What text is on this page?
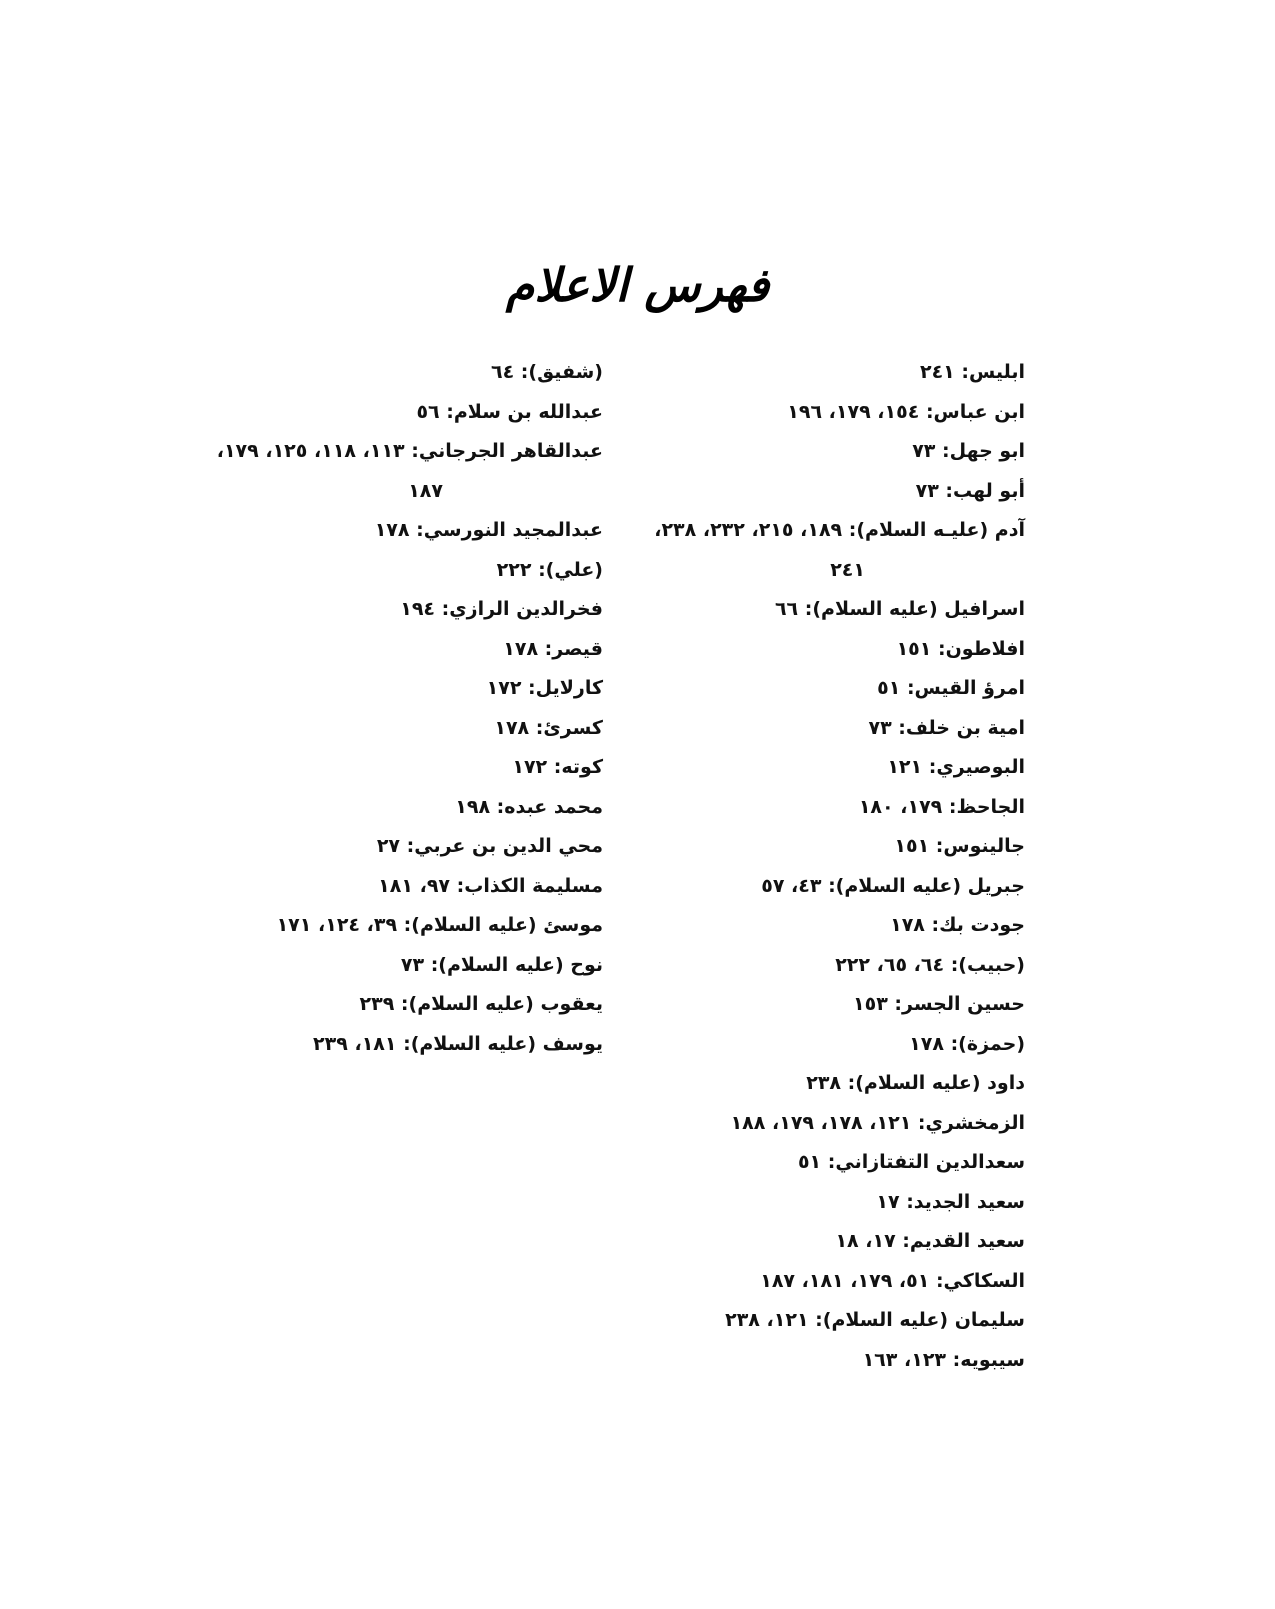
فهرس الاعلام
ابليس: ٢٤١
ابن عباس: ١٥٤، ١٧٩، ١٩٦
ابو جهل: ٧٣
أبو لهب: ٧٣
آدم (عليـه السلام): ١٨٩، ٢١٥، ٢٣٢، ٢٣٨،
٢٤١
اسرافيل (عليه السلام): ٦٦
افلاطون: ١٥١
امرؤ القيس: ٥١
امية بن خلف: ٧٣
البوصيري: ١٢١
الجاحظ: ١٧٩، ١٨٠
جالينوس: ١٥١
جبريل (عليه السلام): ٤٣، ٥٧
جودت بك: ١٧٨
(حبيب): ٦٤، ٦٥، ٢٢٢
حسين الجسر: ١٥٣
(حمزة): ١٧٨
داود (عليه السلام): ٢٣٨
الزمخشري: ١٢١، ١٧٨، ١٧٩، ١٨٨
سعدالدين التفتازاني: ٥١
سعيد الجديد: ١٧
سعيد القديم: ١٧، ١٨
السكاكي: ٥١، ١٧٩، ١٨١، ١٨٧
سليمان (عليه السلام): ١٢١، ٢٣٨
سيبويه: ١٢٣، ١٦٣
(شفيق): ٦٤
عبدالله بن سلام: ٥٦
عبدالقاهر الجرجاني: ١١٣، ١١٨، ١٢٥، ١٧٩،
١٨٧
عبدالمجيد النورسي: ١٧٨
(علي): ٢٢٢
فخرالدين الرازي: ١٩٤
قيصر: ١٧٨
كارلايل: ١٧٢
كسرئ: ١٧٨
كوته: ١٧٢
محمد عبده: ١٩٨
محي الدين بن عربي: ٢٧
مسليمة الكذاب: ٩٧، ١٨١
موسئ (عليه السلام): ٣٩، ١٢٤، ١٧١
نوح (عليه السلام): ٧٣
يعقوب (عليه السلام): ٢٣٩
يوسف (عليه السلام): ١٨١، ٢٣٩
